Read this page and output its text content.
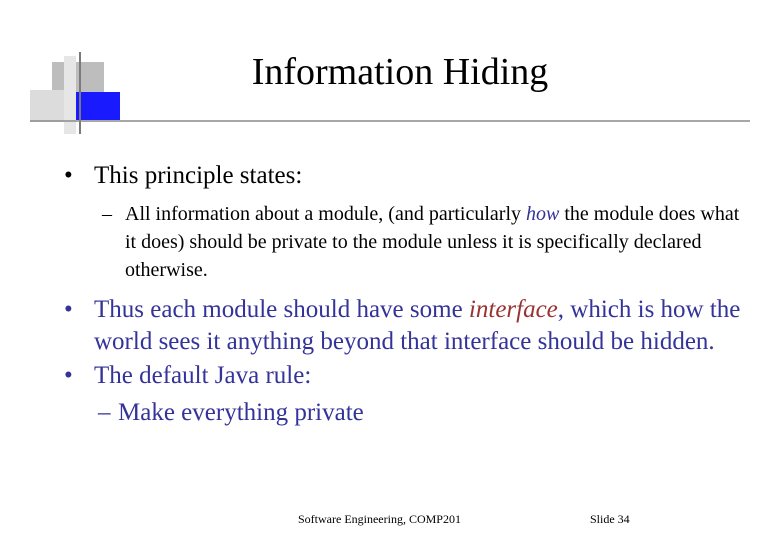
Information Hiding
• This principle states:
– All information about a module, (and particularly how the module does what it does) should be private to the module unless it is specifically declared otherwise.
• Thus each module should have some interface, which is how the world sees it anything beyond that interface should be hidden.
• The default Java rule:
– Make everything private
Software Engineering, COMP201	Slide 34
